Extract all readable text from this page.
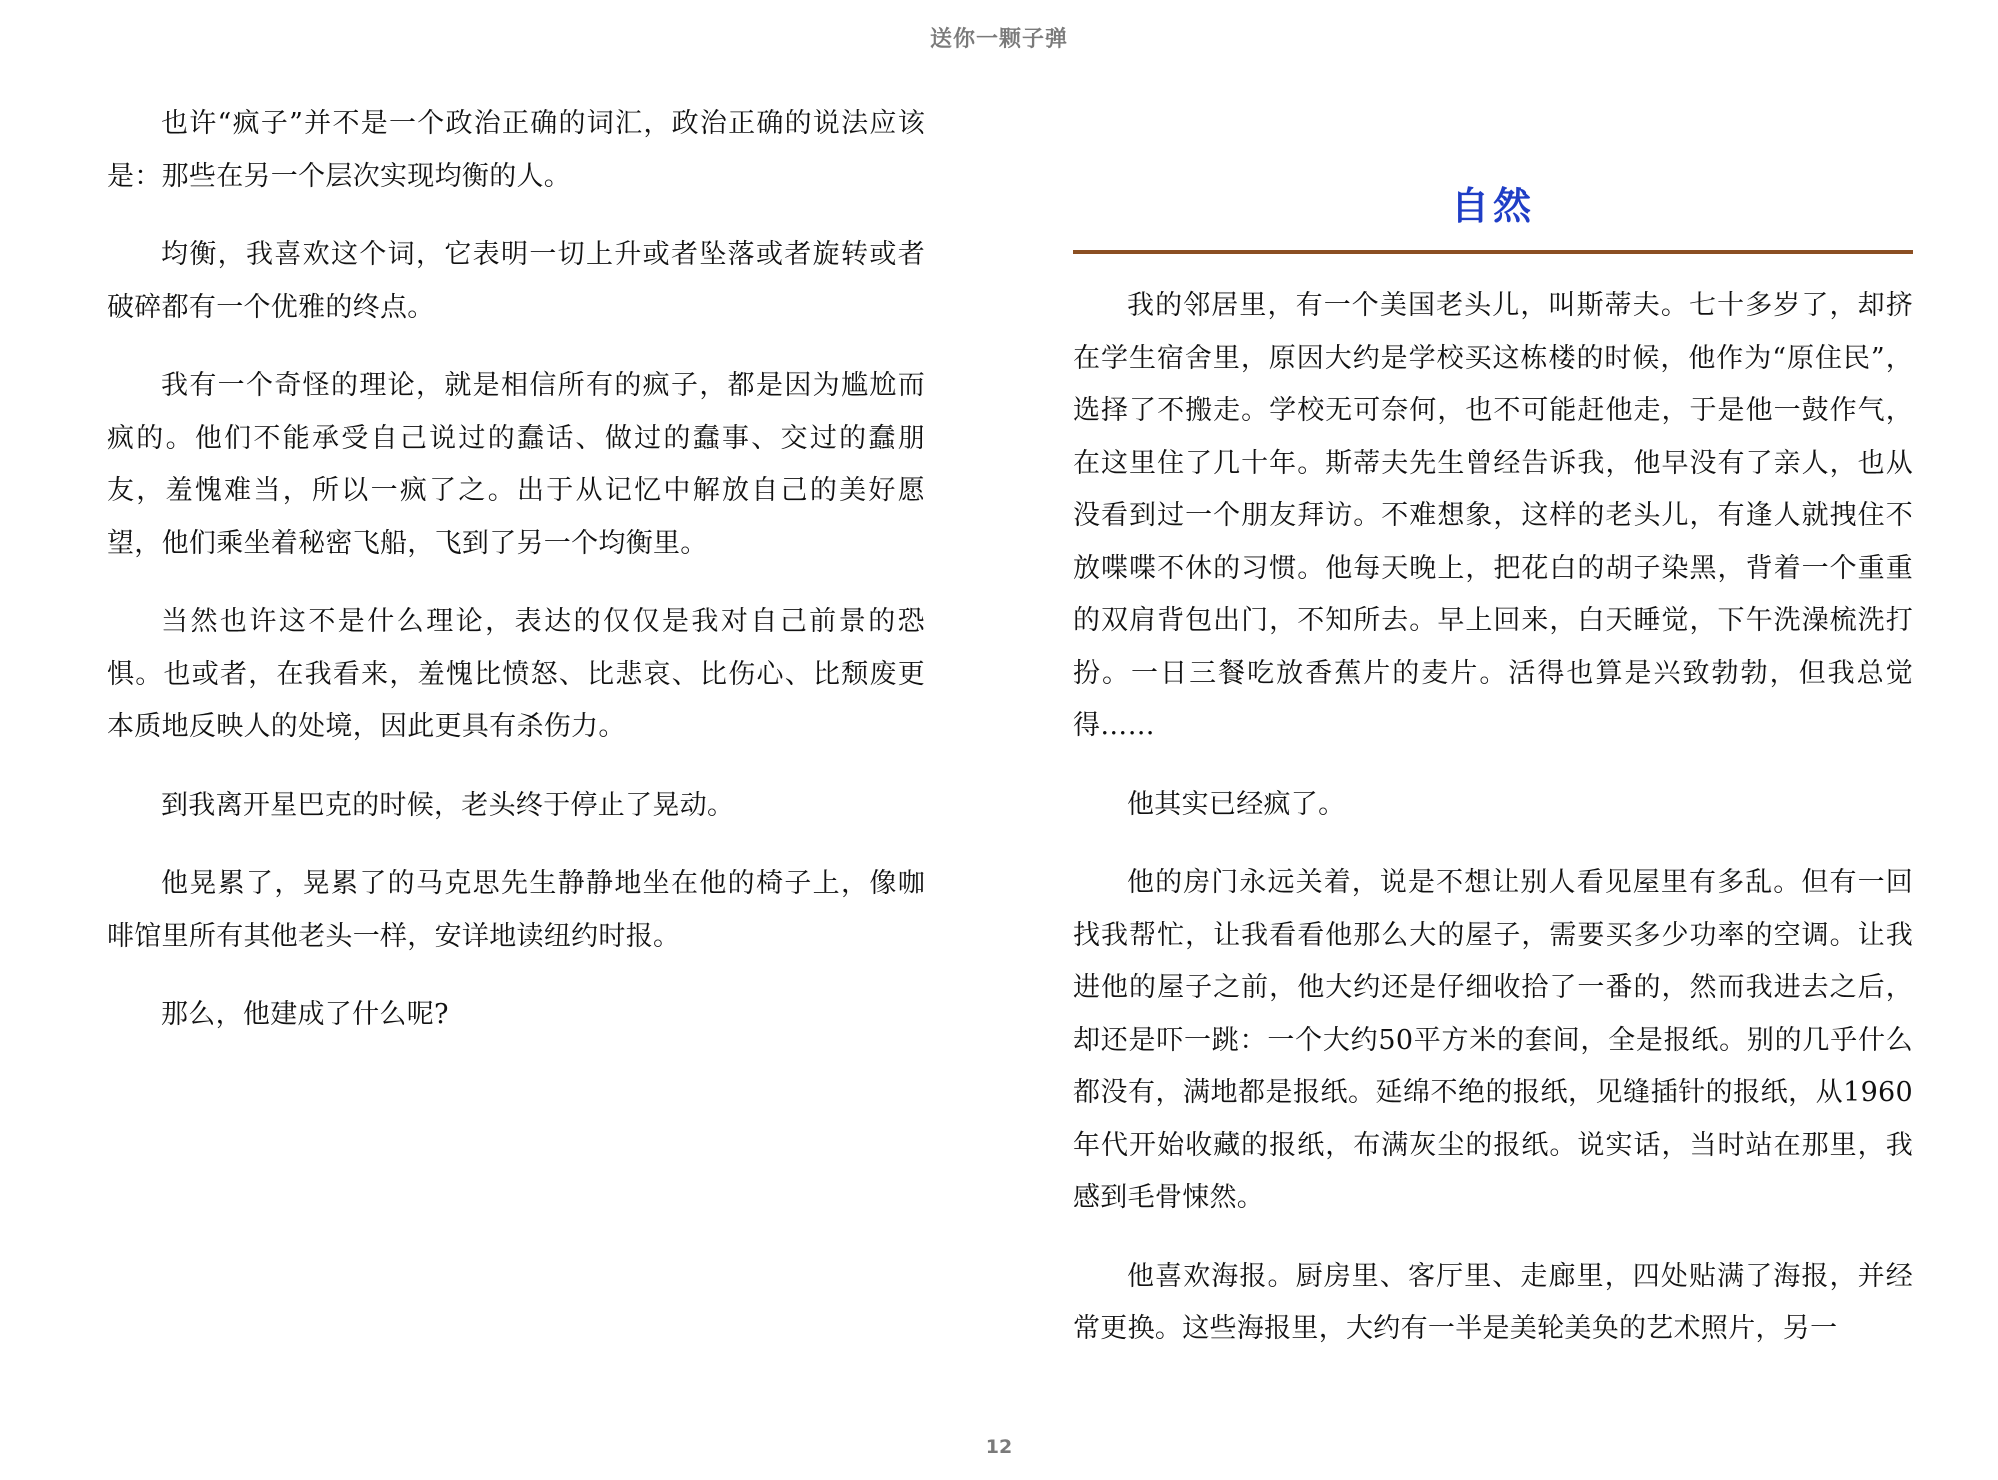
送你一颗子弹

也许“疯子”并不是一个政治正确的词汇，政治正确的说法应该是：那些在另一个层次实现均衡的人。

均衡，我喜欢这个词，它表明一切上升或者坠落或者旋转或者破碎都有一个优雅的终点。

我有一个奇怪的理论，就是相信所有的疯子，都是因为尴尬而疯的。他们不能承受自己说过的蠢话、做过的蠢事、交过的蠢朋友，羞愧难当，所以一疯了之。出于从记忆中解放自己的美好愿望，他们乘坐着秘密飞船，飞到了另一个均衡里。

当然也许这不是什么理论，表达的仅仅是我对自己前景的恐惧。也或者，在我看来，羞愧比愤怒、比悲哀、比伤心、比颓废更本质地反映人的处境，因此更具有杀伤力。

到我离开星巴克的时候，老头终于停止了晃动。

他晃累了，晃累了的马克思先生静静地坐在他的椅子上，像咖啡馆里所有其他老头一样，安详地读纽约时报。

那么，他建成了什么呢?

自然

我的邻居里，有一个美国老头儿，叫斯蒂夫。七十多岁了，却挤在学生宿舍里，原因大约是学校买这栋楼的时候，他作为“原住民”，选择了不搬走。学校无可奈何，也不可能赶他走，于是他一鼓作气，在这里住了几十年。斯蒂夫先生曾经告诉我，他早没有了亲人，也从没看到过一个朋友拜访。不难想象，这样的老头儿，有逢人就拽住不放喋喋不休的习惯。他每天晚上，把花白的胡子染黑，背着一个重重的双肩背包出门，不知所去。早上回来，白天睡觉，下午洗澡梳洗打扮。一日三餐吃放香蕉片的麦片。活得也算是兴致勃勃，但我总觉得……

他其实已经疯了。

他的房门永远关着，说是不想让别人看见屋里有多乱。但有一回找我帮忙，让我看看他那么大的屋子，需要买多少功率的空调。让我进他的屋子之前，他大约还是仔细收拾了一番的，然而我进去之后，却还是吓一跳：一个大约50平方米的套间，全是报纸。别的几乎什么都没有，满地都是报纸。延绵不绝的报纸，见缝插针的报纸，从1960年代开始收藏的报纸，布满灰尘的报纸。说实话，当时站在那里，我感到毛骨悚然。

他喜欢海报。厨房里、客厅里、走廊里，四处贴满了海报，并经常更换。这些海报里，大约有一半是美轮美奂的艺术照片，另一

12
